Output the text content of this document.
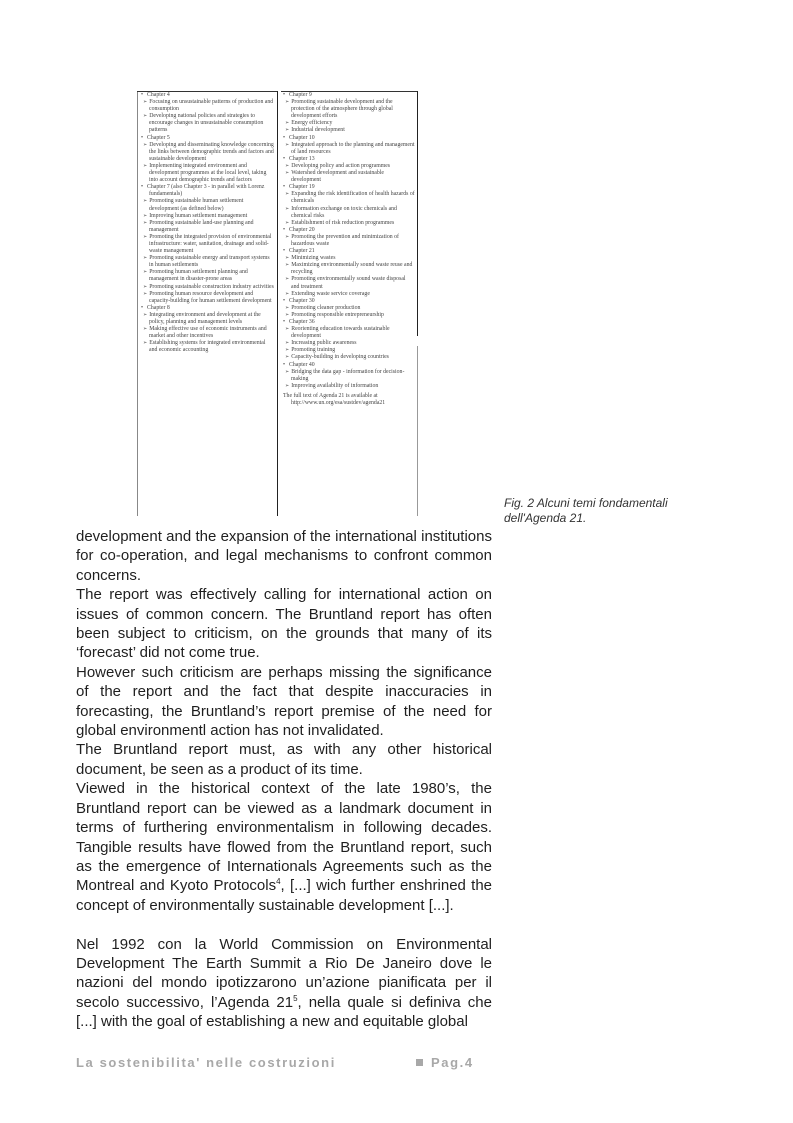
• Chapter 4
➢ Focusing on unsustainable patterns of production and consumption
➢ Developing national policies and strategies to encourage changes in unsustainable consumption patterns
• Chapter 5
➢ Developing and disseminating knowledge concerning the links between demographic trends and factors and sustainable development
➢ Implementing integrated environment and development programmes at the local level, taking into account demographic trends and factors
• Chapter 7 (also Chapter 3 - in parallel with Lorenz fundamentals)
➢ Promoting sustainable human settlement development (as defined below)
➢ Improving human settlement management
➢ Promoting sustainable land-use planning and management
➢ Promoting the integrated provision of environmental infrastructure: water, sanitation, drainage and solid-waste management
➢ Promoting sustainable energy and transport systems in human settlements
➢ Promoting human settlement planning and management in disaster-prone areas
➢ Promoting sustainable construction industry activities
➢ Promoting human resource development and capacity-building for human settlement development
• Chapter 8
➢ Integrating environment and development at the policy, planning and management levels
➢ Making effective use of economic instruments and market and other incentives
➢ Establishing systems for integrated environmental and economic accounting
• Chapter 9
➢ Promoting sustainable development and the protection of the atmosphere through global development efforts
➢ Energy efficiency
➢ Industrial development
• Chapter 10
➢ Integrated approach to the planning and management of land resources
• Chapter 13
➢ Developing policy and action programmes
➢ Watershed development and sustainable development
• Chapter 19
➢ Expanding the risk identification of health hazards of chemicals
➢ Information exchange on toxic chemicals and chemical risks
➢ Establishment of risk reduction programmes
• Chapter 20
➢ Promoting the prevention and minimization of hazardous waste
• Chapter 21
➢ Minimizing wastes
➢ Maximizing environmentally sound waste reuse and recycling
➢ Promoting environmentally sound waste disposal and treatment
➢ Extending waste service coverage
• Chapter 30
➢ Promoting cleaner production
➢ Promoting responsible entrepreneurship
• Chapter 36
➢ Reorienting education towards sustainable development
➢ Increasing public awareness
➢ Promoting training
➢ Capacity-building in developing countries
• Chapter 40
➢ Bridging the data gap - information for decision-making
➢ Improving availability of information
The full text of Agenda 21 is available at
http://www.un.org/esa/sustdev/agenda21
Fig. 2 Alcuni temi fondamentali dell'Agenda 21.

development and the expansion of the international institutions for co-operation, and legal mechanisms to confront common concerns.

The report was effectively calling for international action on issues of common concern. The Bruntland report has often been subject to criticism, on the grounds that many of its ‘forecast’ did not come true.

However such criticism are perhaps missing the significance of the report and the fact that despite inaccuracies in forecasting, the Bruntland’s report premise of the need for global environmentl action has not invalidated.

The Bruntland report must, as with any other historical document, be seen as a product of its time.

Viewed in the historical context of the late 1980’s, the Bruntland report can be viewed as a landmark document in terms of furthering environmentalism in following decades. Tangible results have flowed from the Bruntland report, such as the emergence of Internationals Agreements such as the Montreal and Kyoto Protocols$^4$, [...] wich further enshrined the concept of environmentally sustainable development [...].

Nel 1992 con la World Commission on Environmental Development The Earth Summit a Rio De Janeiro dove le nazioni del mondo ipotizzarono un’azione pianificata per il secolo successivo, l’Agenda $21^5$, nella quale si definiva che [...] with the goal of establishing a new and equitable global

La sostenibilita' nelle costruzioni	Pag.4
